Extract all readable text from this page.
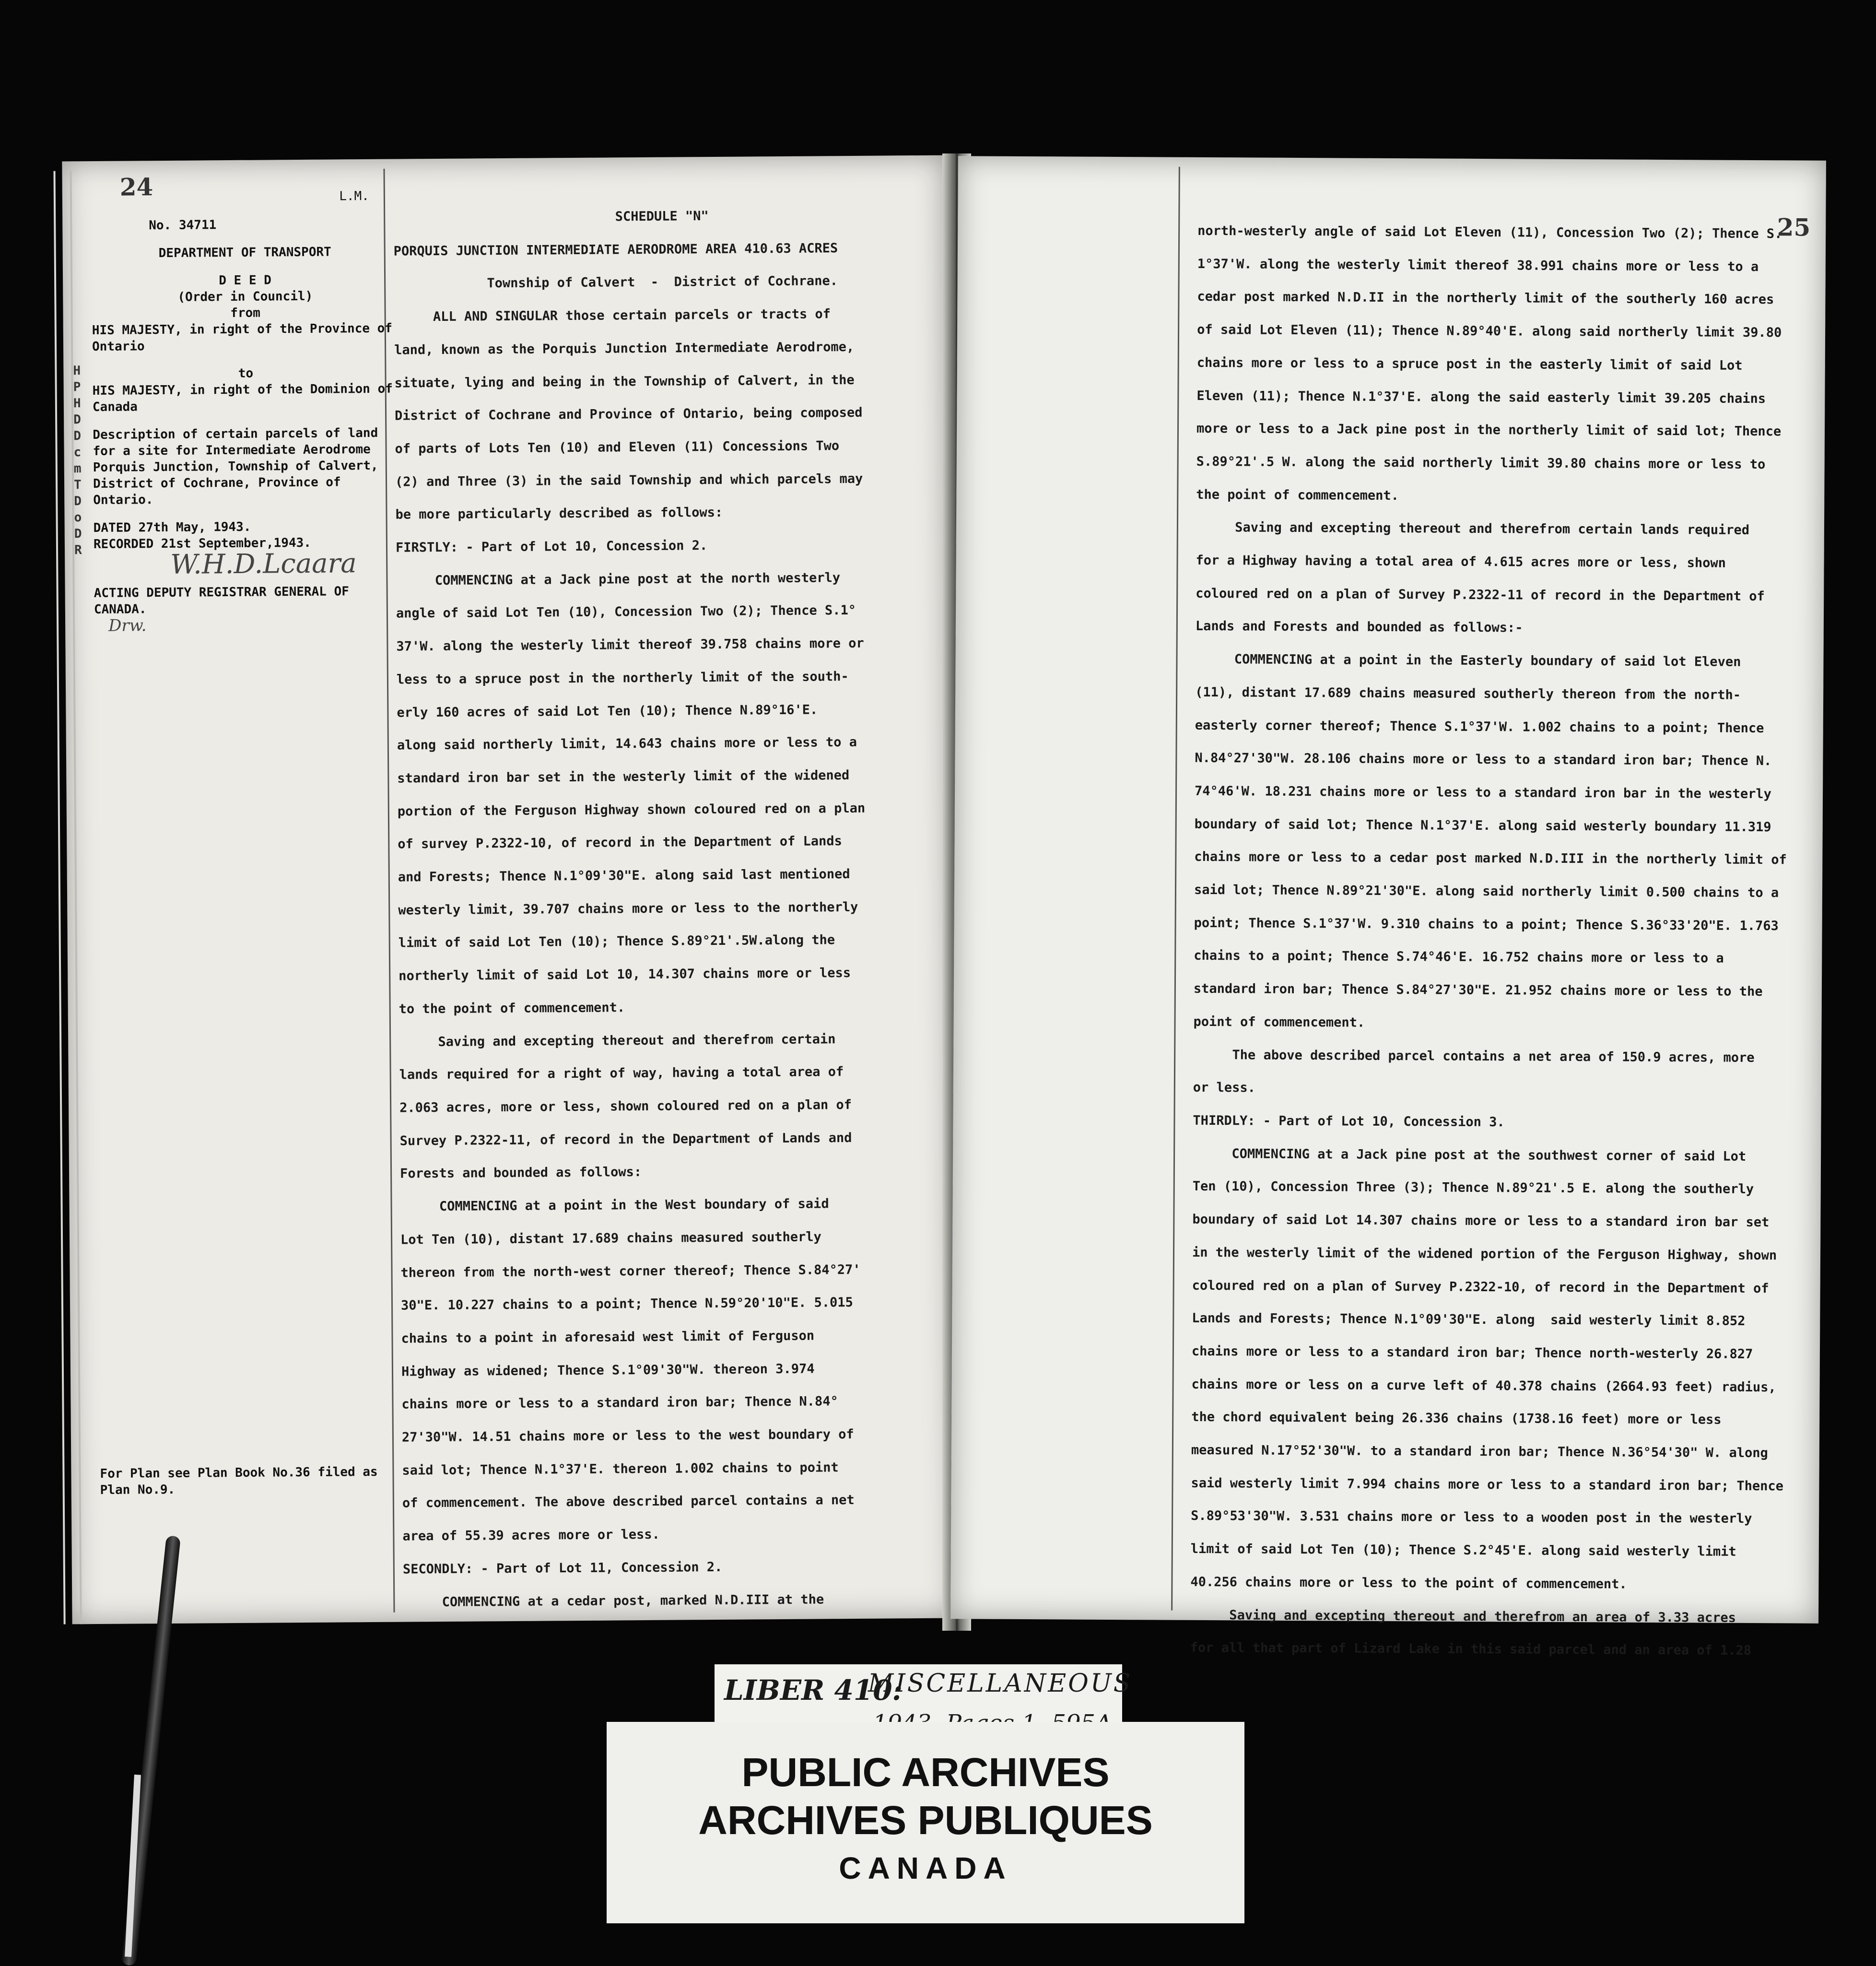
24
H P H D D c m T D o D R
L.M.
No. 34711
DEPARTMENT OF TRANSPORT
D E E D
(Order in Council)
from
HIS MAJESTY, in right of the Province of Ontario
to
HIS MAJESTY, in right of the Dominion of Canada
Description of certain parcels of land for a site for Intermediate Aerodrome Porquis Junction, Township of Calvert, District of Cochrane, Province of Ontario.
DATED 27th May, 1943.
RECORDED 21st September,1943.
W.H.D.Lcaara
ACTING DEPUTY REGISTRAR GENERAL OF CANADA.
Drw.
For Plan see Plan Book No.36 filed as Plan No.9.

SCHEDULE "N"

PORQUIS JUNCTION INTERMEDIATE AERODROME AREA 410.63 ACRES

Township of Calvert  -  District of Cochrane.

ALL AND SINGULAR those certain parcels or tracts of

land, known as the Porquis Junction Intermediate Aerodrome,

situate, lying and being in the Township of Calvert, in the

District of Cochrane and Province of Ontario, being composed

of parts of Lots Ten (10) and Eleven (11) Concessions Two

(2) and Three (3) in the said Township and which parcels may

be more particularly described as follows:

FIRSTLY: - Part of Lot 10, Concession 2.

COMMENCING at a Jack pine post at the north westerly

angle of said Lot Ten (10), Concession Two (2); Thence S.1°

37'W. along the westerly limit thereof 39.758 chains more or

less to a spruce post in the northerly limit of the south-

erly 160 acres of said Lot Ten (10); Thence N.89°16'E.

along said northerly limit, 14.643 chains more or less to a

standard iron bar set in the westerly limit of the widened

portion of the Ferguson Highway shown coloured red on a plan

of survey P.2322-10, of record in the Department of Lands

and Forests; Thence N.1°09'30"E. along said last mentioned

westerly limit, 39.707 chains more or less to the northerly

limit of said Lot Ten (10); Thence S.89°21'.5W.along the

northerly limit of said Lot 10, 14.307 chains more or less

to the point of commencement.

Saving and excepting thereout and therefrom certain

lands required for a right of way, having a total area of

2.063 acres, more or less, shown coloured red on a plan of

Survey P.2322-11, of record in the Department of Lands and

Forests and bounded as follows:

COMMENCING at a point in the West boundary of said

Lot Ten (10), distant 17.689 chains measured southerly

thereon from the north-west corner thereof; Thence S.84°27'

30"E. 10.227 chains to a point; Thence N.59°20'10"E. 5.015

chains to a point in aforesaid west limit of Ferguson

Highway as widened; Thence S.1°09'30"W. thereon 3.974

chains more or less to a standard iron bar; Thence N.84°

27'30"W. 14.51 chains more or less to the west boundary of

said lot; Thence N.1°37'E. thereon 1.002 chains to point

of commencement. The above described parcel contains a net

area of 55.39 acres more or less.

SECONDLY: - Part of Lot 11, Concession 2.

COMMENCING at a cedar post, marked N.D.III at the

25

north-westerly angle of said Lot Eleven (11), Concession Two (2); Thence S.

1°37'W. along the westerly limit thereof 38.991 chains more or less to a

cedar post marked N.D.II in the northerly limit of the southerly 160 acres

of said Lot Eleven (11); Thence N.89°40'E. along said northerly limit 39.80

chains more or less to a spruce post in the easterly limit of said Lot

Eleven (11); Thence N.1°37'E. along the said easterly limit 39.205 chains

more or less to a Jack pine post in the northerly limit of said lot; Thence

S.89°21'.5 W. along the said northerly limit 39.80 chains more or less to

the point of commencement.

Saving and excepting thereout and therefrom certain lands required

for a Highway having a total area of 4.615 acres more or less, shown

coloured red on a plan of Survey P.2322-11 of record in the Department of

Lands and Forests and bounded as follows:-

COMMENCING at a point in the Easterly boundary of said lot Eleven

(11), distant 17.689 chains measured southerly thereon from the north-

easterly corner thereof; Thence S.1°37'W. 1.002 chains to a point; Thence

N.84°27'30"W. 28.106 chains more or less to a standard iron bar; Thence N.

74°46'W. 18.231 chains more or less to a standard iron bar in the westerly

boundary of said lot; Thence N.1°37'E. along said westerly boundary 11.319

chains more or less to a cedar post marked N.D.III in the northerly limit of

said lot; Thence N.89°21'30"E. along said northerly limit 0.500 chains to a

point; Thence S.1°37'W. 9.310 chains to a point; Thence S.36°33'20"E. 1.763

chains to a point; Thence S.74°46'E. 16.752 chains more or less to a

standard iron bar; Thence S.84°27'30"E. 21.952 chains more or less to the

point of commencement.

The above described parcel contains a net area of 150.9 acres, more

or less.

THIRDLY: - Part of Lot 10, Concession 3.

COMMENCING at a Jack pine post at the southwest corner of said Lot

Ten (10), Concession Three (3); Thence N.89°21'.5 E. along the southerly

boundary of said Lot 14.307 chains more or less to a standard iron bar set

in the westerly limit of the widened portion of the Ferguson Highway, shown

coloured red on a plan of Survey P.2322-10, of record in the Department of

Lands and Forests; Thence N.1°09'30"E. along  said westerly limit 8.852

chains more or less to a standard iron bar; Thence north-westerly 26.827

chains more or less on a curve left of 40.378 chains (2664.93 feet) radius,

the chord equivalent being 26.336 chains (1738.16 feet) more or less

measured N.17°52'30"W. to a standard iron bar; Thence N.36°54'30" W. along

said westerly limit 7.994 chains more or less to a standard iron bar; Thence

S.89°53'30"W. 3.531 chains more or less to a wooden post in the westerly

limit of said Lot Ten (10); Thence S.2°45'E. along said westerly limit

40.256 chains more or less to the point of commencement.

Saving and excepting thereout and therefrom an area of 3.33 acres

for all that part of Lizard Lake in this said parcel and an area of 1.28

LIBER 410:
MISCELLANEOUS
PUBLIC ARCHIVES
ARCHIVES PUBLIQUES
CANADA
